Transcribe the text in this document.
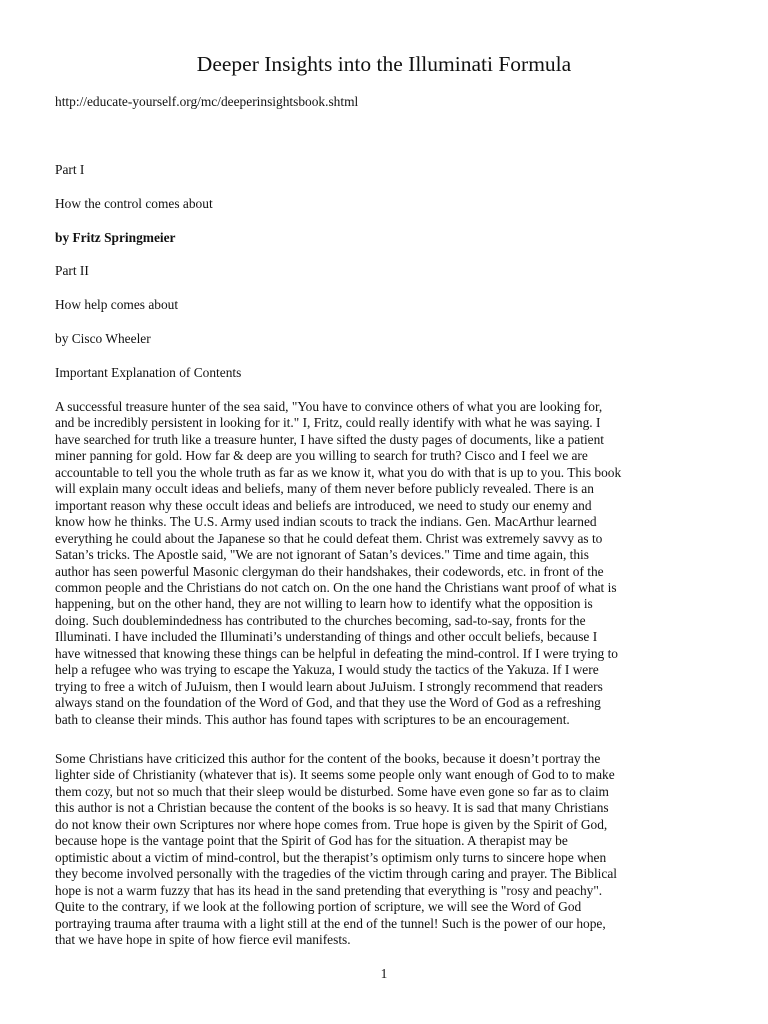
Deeper Insights into the Illuminati Formula

http://educate-yourself.org/mc/deeperinsightsbook.shtml

Part I

How the control comes about

by Fritz Springmeier

Part II

How help comes about

by Cisco Wheeler

Important Explanation of Contents

A successful treasure hunter of the sea said, "You have to convince others of what you are looking for,
and be incredibly persistent in looking for it." I, Fritz, could really identify with what he was saying. I
have searched for truth like a treasure hunter, I have sifted the dusty pages of documents, like a patient
miner panning for gold. How far & deep are you willing to search for truth? Cisco and I feel we are
accountable to tell you the whole truth as far as we know it, what you do with that is up to you. This book
will explain many occult ideas and beliefs, many of them never before publicly revealed. There is an
important reason why these occult ideas and beliefs are introduced, we need to study our enemy and
know how he thinks. The U.S. Army used indian scouts to track the indians. Gen. MacArthur learned
everything he could about the Japanese so that he could defeat them. Christ was extremely savvy as to
Satan’s tricks. The Apostle said, "We are not ignorant of Satan’s devices." Time and time again, this
author has seen powerful Masonic clergyman do their handshakes, their codewords, etc. in front of the
common people and the Christians do not catch on. On the one hand the Christians want proof of what is
happening, but on the other hand, they are not willing to learn how to identify what the opposition is
doing. Such doublemindedness has contributed to the churches becoming, sad-to-say, fronts for the
Illuminati. I have included the Illuminati’s understanding of things and other occult beliefs, because I
have witnessed that knowing these things can be helpful in defeating the mind-control. If I were trying to
help a refugee who was trying to escape the Yakuza, I would study the tactics of the Yakuza. If I were
trying to free a witch of JuJuism, then I would learn about JuJuism. I strongly recommend that readers
always stand on the foundation of the Word of God, and that they use the Word of God as a refreshing
bath to cleanse their minds. This author has found tapes with scriptures to be an encouragement.
Some Christians have criticized this author for the content of the books, because it doesn’t portray the
lighter side of Christianity (whatever that is). It seems some people only want enough of God to to make
them cozy, but not so much that their sleep would be disturbed. Some have even gone so far as to claim
this author is not a Christian because the content of the books is so heavy. It is sad that many Christians
do not know their own Scriptures nor where hope comes from. True hope is given by the Spirit of God,
because hope is the vantage point that the Spirit of God has for the situation. A therapist may be
optimistic about a victim of mind-control, but the therapist’s optimism only turns to sincere hope when
they become involved personally with the tragedies of the victim through caring and prayer. The Biblical
hope is not a warm fuzzy that has its head in the sand pretending that everything is "rosy and peachy".
Quite to the contrary, if we look at the following portion of scripture, we will see the Word of God
portraying trauma after trauma with a light still at the end of the tunnel! Such is the power of our hope,
that we have hope in spite of how fierce evil manifests.

1
